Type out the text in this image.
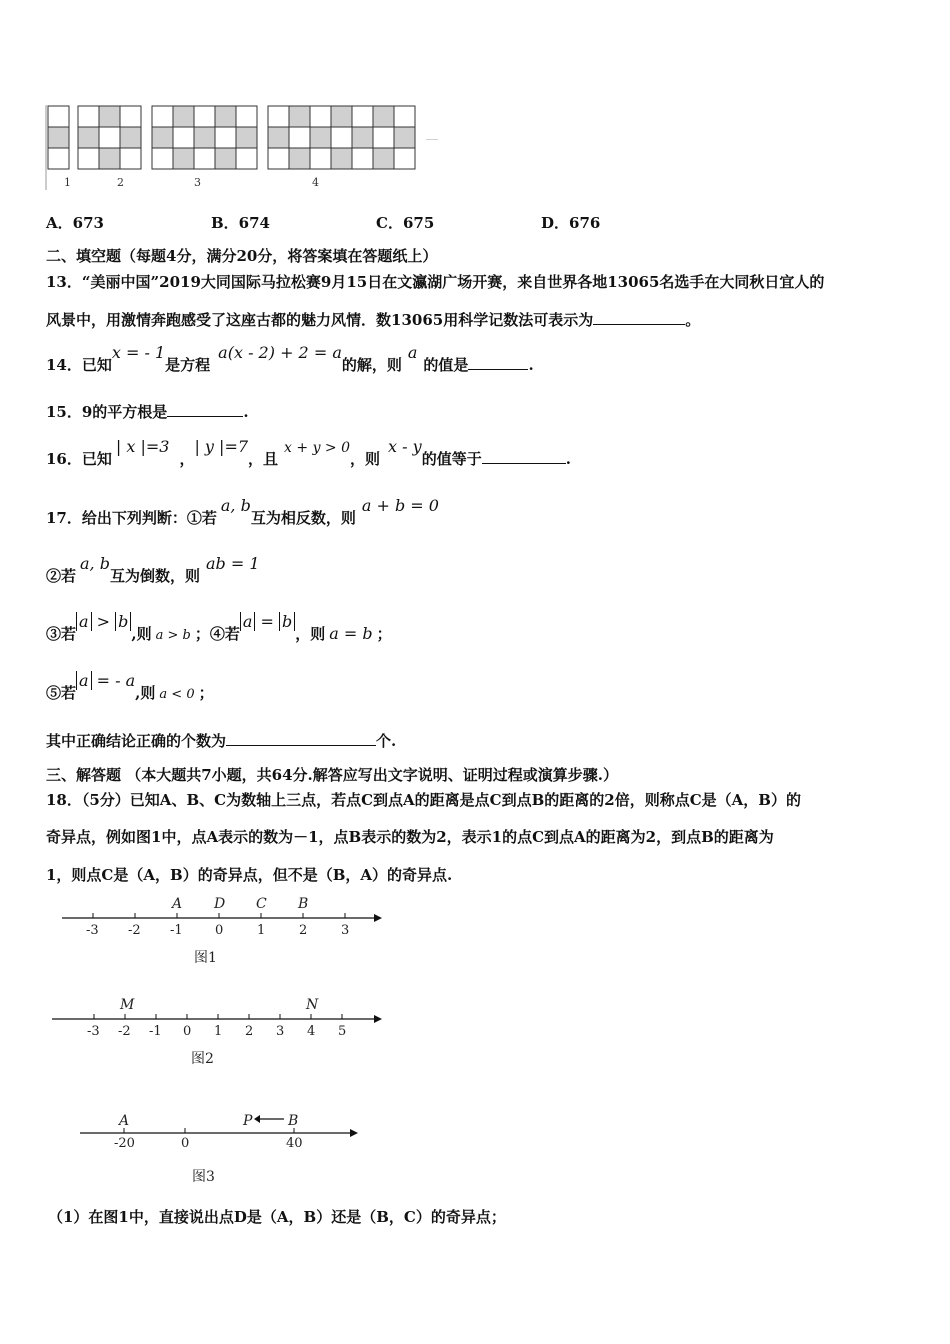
1	2	3	4
……
A．673	B．674	C．675	D．676
二、填空题（每题4分，满分20分，将答案填在答题纸上）
13．“美丽中国”2019大同国际马拉松赛9月15日在文瀛湖广场开赛，来自世界各地13065名选手在大同秋日宜人的
风景中，用激情奔跑感受了这座古都的魅力风情．数13065用科学记数法可表示为	。
14．已知x = - 1是方程a(x - 2) + 2 = a的解，则a的值是	.
15．9的平方根是	.
16．已知| x |=3，| y |=7，且x + y > 0，则x - y的值等于	.
17．给出下列判断：①若a, b互为相反数，则a + b = 0
②若a, b互为倒数，则ab = 1
③若a > b,则 a > b ；④若a = b，则 a = b ；
⑤若a = - a,则 a < 0 ；
其中正确结论正确的个数为	个.
三、解答题 （本大题共7小题，共64分.解答应写出文字说明、证明过程或演算步骤.）
18．（5分）已知A、B、C为数轴上三点，若点C到点A的距离是点C到点B的距离的2倍，则称点C是（A，B）的
奇异点，例如图1中，点A表示的数为－1，点B表示的数为2，表示1的点C到点A的距离为2，到点B的距离为
1，则点C是（A，B）的奇异点，但不是（B，A）的奇异点.
-3 -2 -1 0	1	2	3
A D C B
图1
-3 -2 -1 0 1 2 3 4 5
M	N
图2
A	P	B
-20	0	40
图3
（1）在图1中，直接说出点D是（A，B）还是（B，C）的奇异点；
